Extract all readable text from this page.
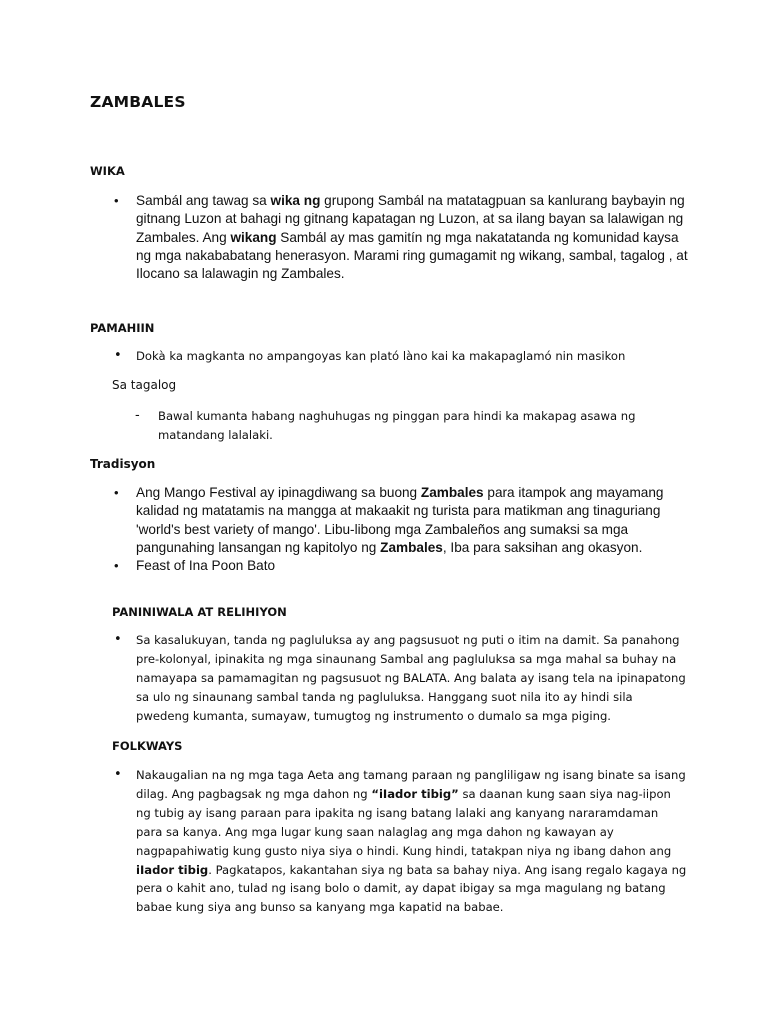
ZAMBALES
WIKA
• Sambál ang tawag sa wika ng grupong Sambál na matatagpuan sa kanlurang baybayin ng gitnang Luzon at bahagi ng gitnang kapatagan ng Luzon, at sa ilang bayan sa lalawigan ng Zambales. Ang wikang Sambál ay mas gamitín ng mga nakatatanda ng komunidad kaysa ng mga nakababatang henerasyon. Marami ring gumagamit ng wikang, sambal, tagalog , at Ilocano sa lalawagin ng Zambales.
PAMAHIIN
• Dokà ka magkanta no ampangoyas kan plató làno kai ka makapaglamó nin masikon

Sa tagalog

- Bawal kumanta habang naghuhugas ng pinggan para hindi ka makapag asawa ng matandang lalalaki.
Tradisyon
• Ang Mango Festival ay ipinagdiwang sa buong Zambales para itampok ang mayamang kalidad ng matatamis na mangga at makaakit ng turista para matikman ang tinaguriang 'world's best variety of mango'. Libu-libong mga Zambaleños ang sumaksi sa mga pangunahing lansangan ng kapitolyo ng Zambales, Iba para saksihan ang okasyon.
• Feast of Ina Poon Bato
PANINIWALA AT RELIHIYON
• Sa kasalukuyan, tanda ng pagluluksa ay ang pagsusuot ng puti o itim na damit. Sa panahong pre-kolonyal, ipinakita ng mga sinaunang Sambal ang pagluluksa sa mga mahal sa buhay na namayapa sa pamamagitan ng pagsusuot ng BALATA. Ang balata ay isang tela na ipinapatong sa ulo ng sinaunang sambal tanda ng pagluluksa. Hanggang suot nila ito ay hindi sila pwedeng kumanta, sumayaw, tumugtog ng instrumento o dumalo sa mga piging.
FOLKWAYS
• Nakaugalian na ng mga taga Aeta ang tamang paraan ng pangliligaw ng isang binate sa isang dilag. Ang pagbagsak ng mga dahon ng “iIador tibig” sa daanan kung saan siya nag-iipon ng tubig ay isang paraan para ipakita ng isang batang lalaki ang kanyang nararamdaman para sa kanya. Ang mga lugar kung saan nalaglag ang mga dahon ng kawayan ay nagpapahiwatig kung gusto niya siya o hindi. Kung hindi, tatakpan niya ng ibang dahon ang iIador tibig. Pagkatapos, kakantahan siya ng bata sa bahay niya. Ang isang regalo kagaya ng pera o kahit ano, tulad ng isang bolo o damit, ay dapat ibigay sa mga magulang ng batang babae kung siya ang bunso sa kanyang mga kapatid na babae.
